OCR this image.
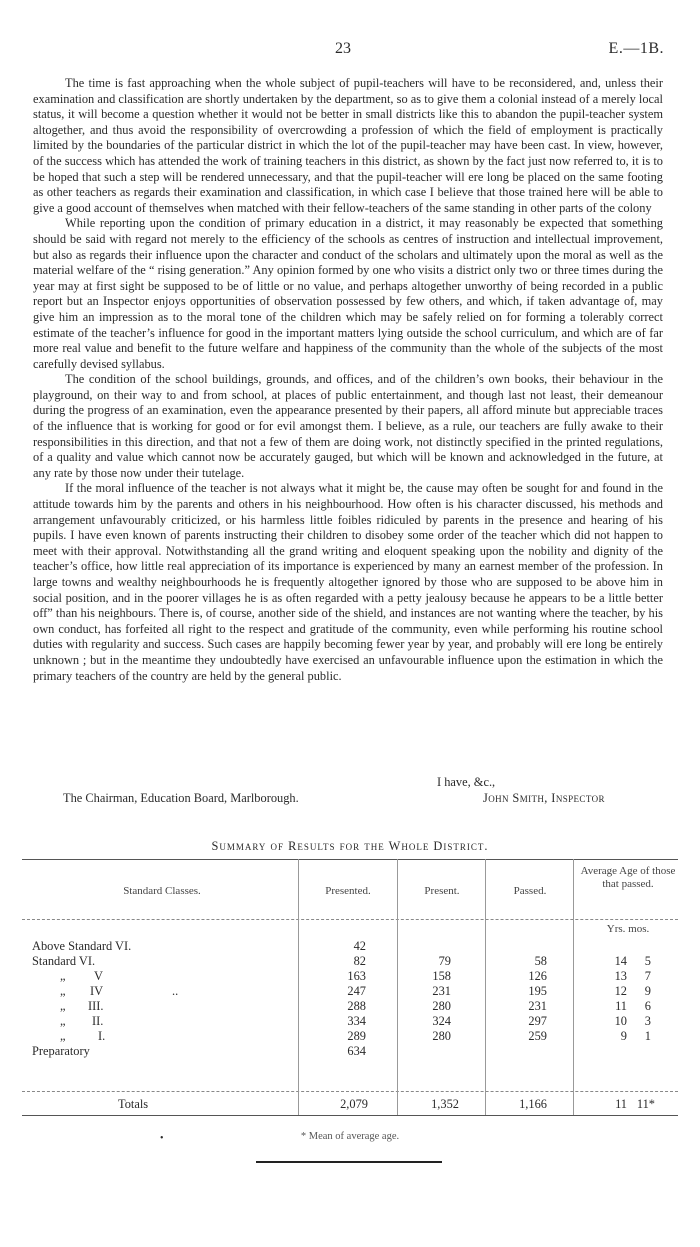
23	E.—1B.

The time is fast approaching when the whole subject of pupil-teachers will have to be reconsidered, and, unless their examination and classification are shortly undertaken by the department, so as to give them a colonial instead of a merely local status, it will become a question whether it would not be better in small districts like this to abandon the pupil-teacher system altogether, and thus avoid the responsibility of overcrowding a profession of which the field of employment is practically limited by the boundaries of the particular district in which the lot of the pupil-teacher may have been cast. In view, however, of the success which has attended the work of training teachers in this district, as shown by the fact just now referred to, it is to be hoped that such a step will be rendered unnecessary, and that the pupil-teacher will ere long be placed on the same footing as other teachers as regards their examination and classification, in which case I believe that those trained here will be able to give a good account of themselves when matched with their fellow-teachers of the same standing in other parts of the colony

While reporting upon the condition of primary education in a district, it may reasonably be expected that something should be said with regard not merely to the efficiency of the schools as centres of instruction and intellectual improvement, but also as regards their influence upon the character and conduct of the scholars and ultimately upon the moral as well as the material welfare of the “ rising generation.” Any opinion formed by one who visits a district only two or three times during the year may at first sight be supposed to be of little or no value, and perhaps altogether unworthy of being recorded in a public report but an Inspector enjoys opportunities of observation possessed by few others, and which, if taken advantage of, may give him an impression as to the moral tone of the children which may be safely relied on for forming a tolerably correct estimate of the teacher’s influence for good in the important matters lying outside the school curriculum, and which are of far more real value and benefit to the future welfare and happiness of the community than the whole of the subjects of the most carefully devised syllabus.

The condition of the school buildings, grounds, and offices, and of the children’s own books, their behaviour in the playground, on their way to and from school, at places of public entertainment, and though last not least, their demeanour during the progress of an examination, even the appearance presented by their papers, all afford minute but appreciable traces of the influence that is working for good or for evil amongst them. I believe, as a rule, our teachers are fully awake to their responsibilities in this direction, and that not a few of them are doing work, not distinctly specified in the printed regulations, of a quality and value which cannot now be accurately gauged, but which will be known and acknowledged in the future, at any rate by those now under their tutelage.

If the moral influence of the teacher is not always what it might be, the cause may often be sought for and found in the attitude towards him by the parents and others in his neighbourhood. How often is his character discussed, his methods and arrangement unfavourably criticized, or his harmless little foibles ridiculed by parents in the presence and hearing of his pupils. I have even known of parents instructing their children to disobey some order of the teacher which did not happen to meet with their approval. Notwithstanding all the grand writing and eloquent speaking upon the nobility and dignity of the teacher’s office, how little real appreciation of its importance is experienced by many an earnest member of the profession. In large towns and wealthy neighbourhoods he is frequently altogether ignored by those who are supposed to be above him in social position, and in the poorer villages he is as often regarded with a petty jealousy because he appears to be a little better off” than his neighbours. There is, of course, another side of the shield, and instances are not wanting where the teacher, by his own conduct, has forfeited all right to the respect and gratitude of the community, even while performing his routine school duties with regularity and success. Such cases are happily becoming fewer year by year, and probably will ere long be entirely unknown ; but in the meantime they undoubtedly have exercised an unfavourable influence upon the estimation in which the primary teachers of the country are held by the general public.

I have, &c.,
The Chairman, Education Board, Marlborough.	John Smith, Inspector
Summary of Results for the Whole District.
Standard Classes.	Presented.	Present.	Passed.
Average Age of those that passed.
Yrs. mos.
Above Standard VI.	42
Standard VI.	82	79	58	14	5
„ V	163	158	126	13	7
„ IV	..	247	231	195	12	9
„ III.	288	280	231	11	6
„ II.	334	324	297	10	3
„	I.	289	280	259	9	1
Preparatory	634
Totals	2,079	1,352	1,166	11 11*
•	* Mean of average age.
